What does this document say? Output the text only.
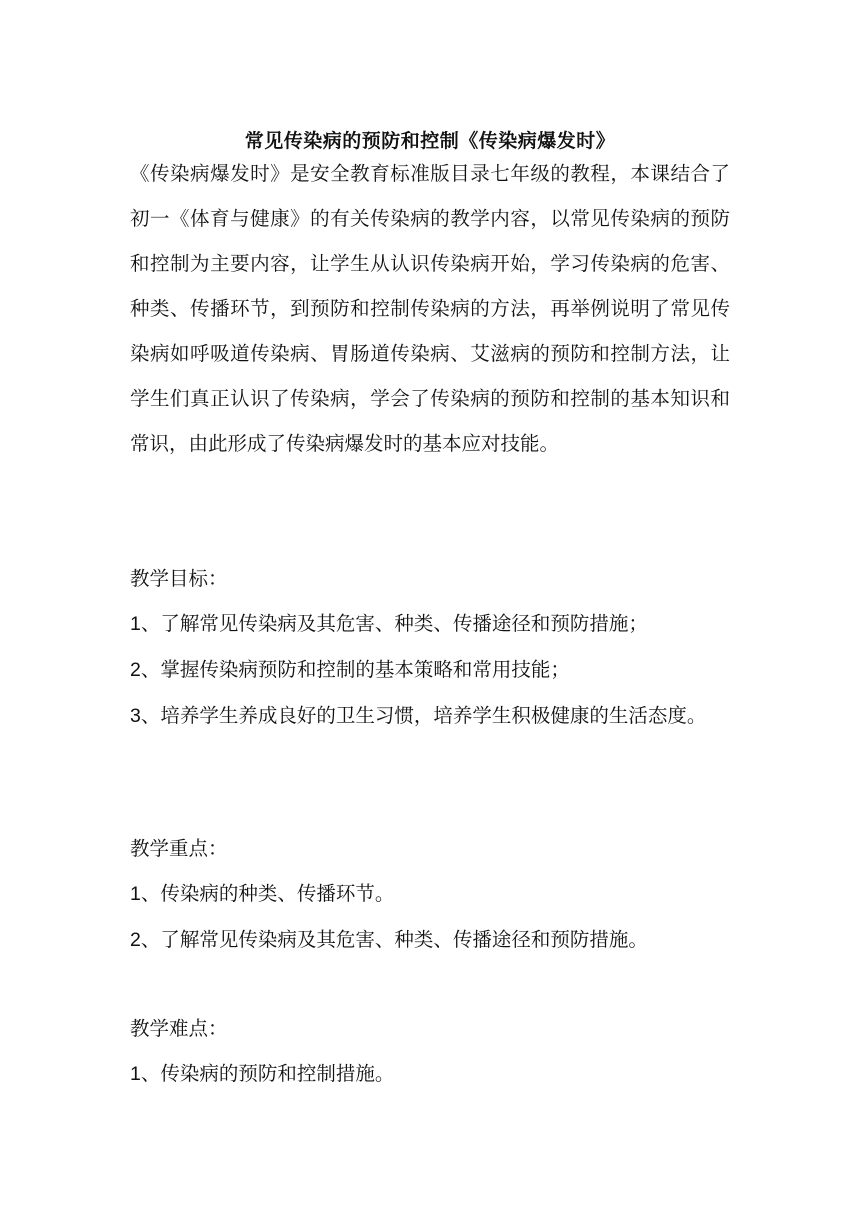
常见传染病的预防和控制《传染病爆发时》

《传染病爆发时》是安全教育标准版目录七年级的教程，本课结合了初一《体育与健康》的有关传染病的教学内容，以常见传染病的预防和控制为主要内容，让学生从认识传染病开始，学习传染病的危害、种类、传播环节，到预防和控制传染病的方法，再举例说明了常见传染病如呼吸道传染病、胃肠道传染病、艾滋病的预防和控制方法，让学生们真正认识了传染病，学会了传染病的预防和控制的基本知识和常识，由此形成了传染病爆发时的基本应对技能。

教学目标：

1、了解常见传染病及其危害、种类、传播途径和预防措施；
2、掌握传染病预防和控制的基本策略和常用技能；
3、培养学生养成良好的卫生习惯，培养学生积极健康的生活态度。

教学重点：

1、传染病的种类、传播环节。
2、了解常见传染病及其危害、种类、传播途径和预防措施。

教学难点：

1、传染病的预防和控制措施。
